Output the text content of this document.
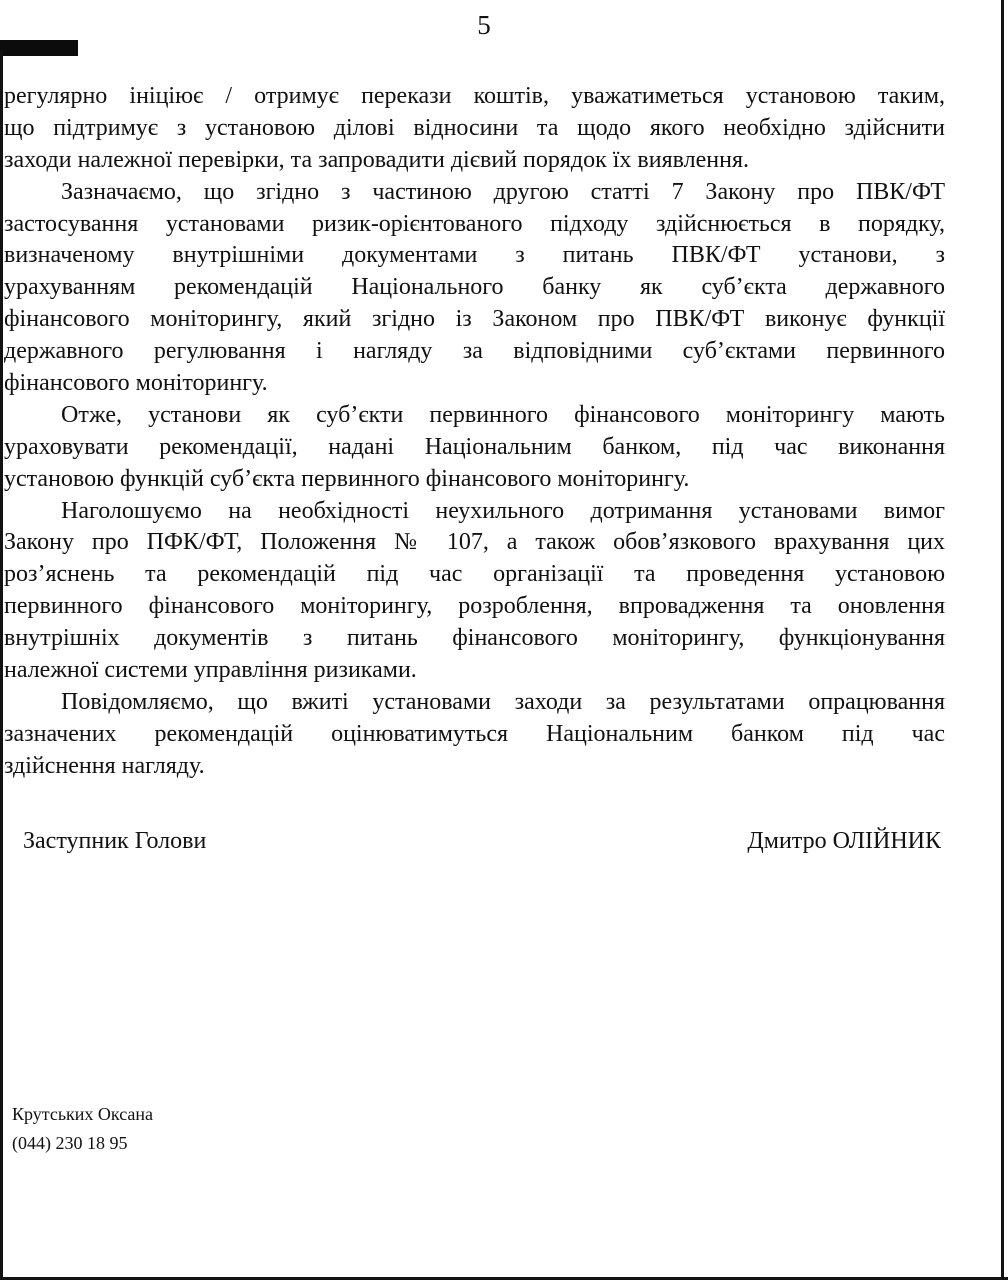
5
регулярно ініціює / отримує перекази коштів, уважатиметься установою таким,
що підтримує з установою ділові відносини та щодо якого необхідно здійснити
заходи належної перевірки, та запровадити дієвий порядок їх виявлення.
Зазначаємо, що згідно з частиною другою статті 7 Закону про ПВК/ФТ
застосування установами ризик-орієнтованого підходу здійснюється в порядку,
визначеному внутрішніми документами з питань ПВК/ФТ установи, з
урахуванням рекомендацій Національного банку як суб’єкта державного
фінансового моніторингу, який згідно із Законом про ПВК/ФТ виконує функції
державного регулювання і нагляду за відповідними суб’єктами первинного
фінансового моніторингу.
Отже, установи як суб’єкти первинного фінансового моніторингу мають
ураховувати рекомендації, надані Національним банком, під час виконання
установою функцій суб’єкта первинного фінансового моніторингу.
Наголошуємо на необхідності неухильного дотримання установами вимог
Закону про ПФК/ФТ, Положення № 107, а також обов’язкового врахування цих
роз’яснень та рекомендацій під час організації та проведення установою
первинного фінансового моніторингу, розроблення, впровадження та оновлення
внутрішніх документів з питань фінансового моніторингу, функціонування
належної системи управління ризиками.
Повідомляємо, що вжиті установами заходи за результатами опрацювання
зазначених рекомендацій оцінюватимуться Національним банком під час
здійснення нагляду.
Заступник Голови	Дмитро ОЛІЙНИК
Крутських Оксана
(044) 230 18 95
